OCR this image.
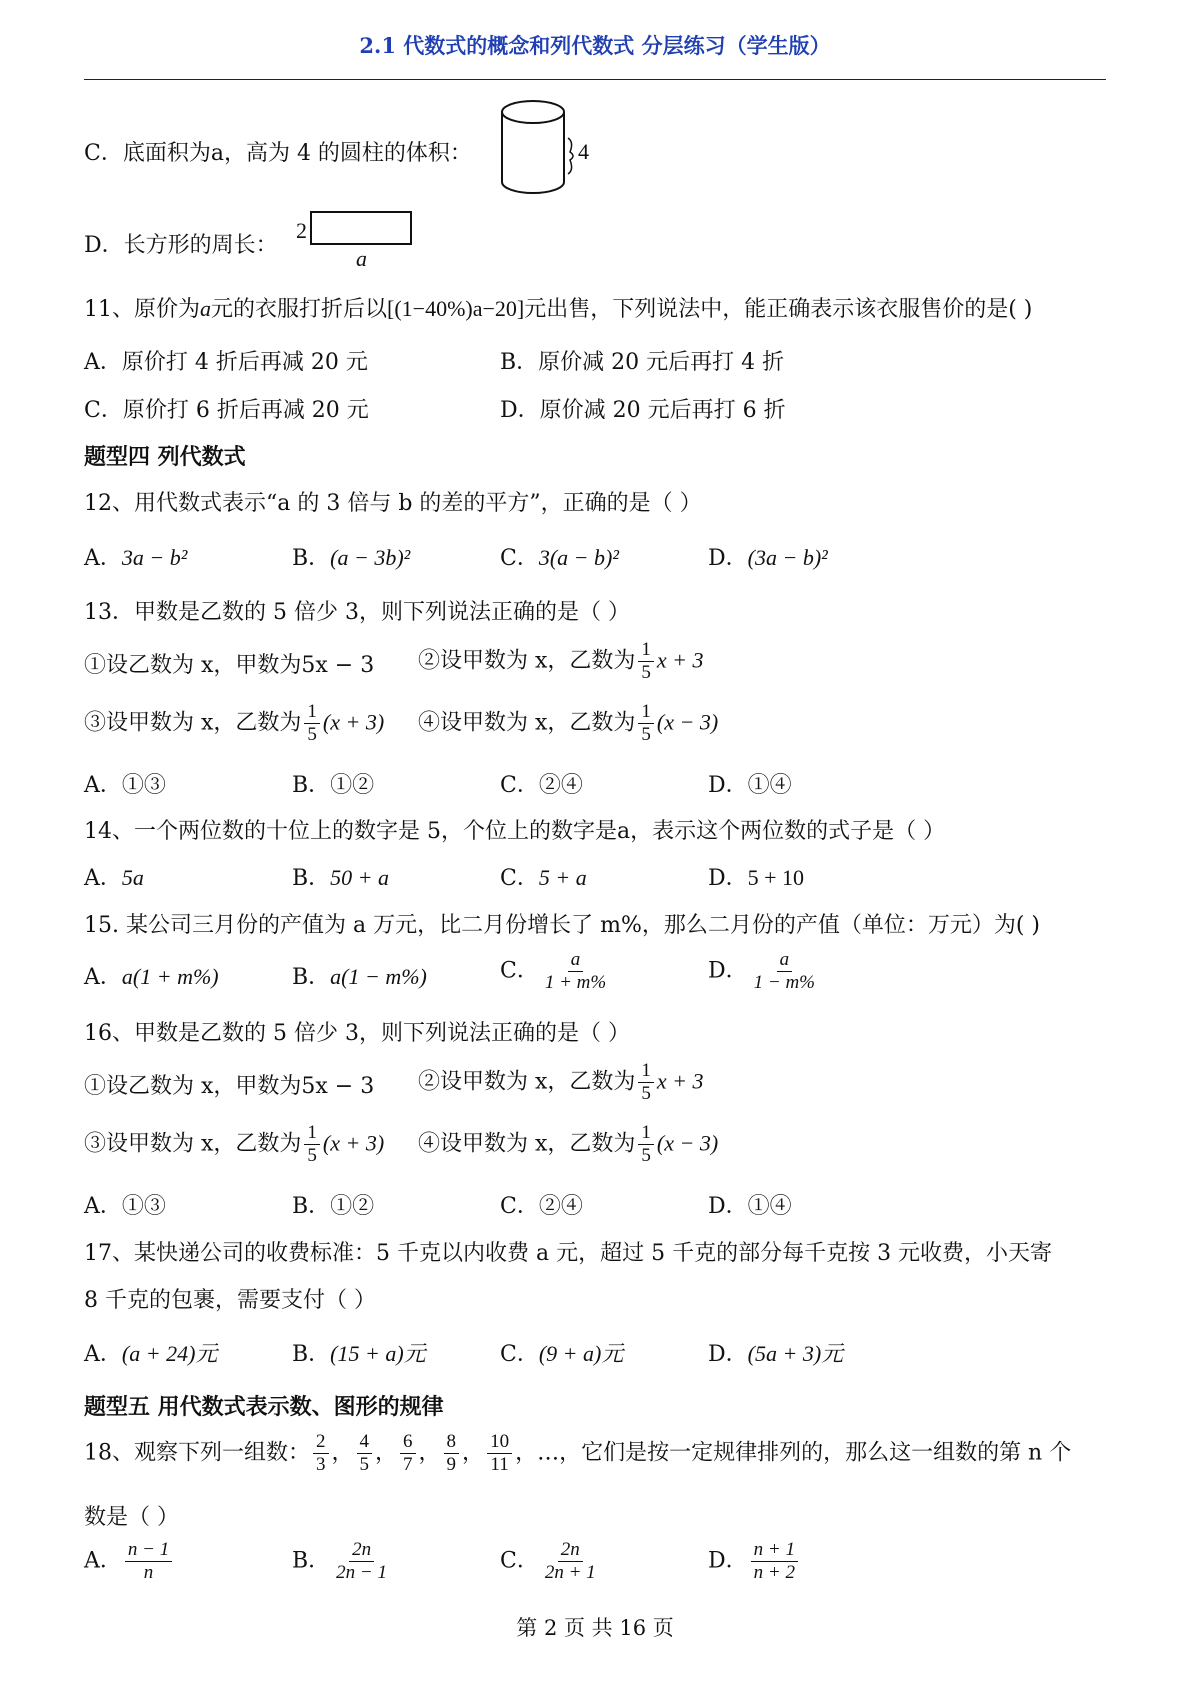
2.1 代数式的概念和列代数式 分层练习（学生版）
C．底面积为a，高为 4 的圆柱的体积：	4
D．长方形的周长：
2
a
11、原价为a元的衣服打折后以[(1−40%)a−20]元出售，下列说法中，能正确表示该衣服售价的是( )
A．原价打 4 折后再减 20 元	B．原价减 20 元后再打 4 折
C．原价打 6 折后再减 20 元	D．原价减 20 元后再打 6 折
题型四 列代数式
12、用代数式表示“a 的 3 倍与 b 的差的平方”，正确的是（ ）
A．3a − b²	B．(a − 3b)²	C．3(a − b)²	D．(3a − b)²
13．甲数是乙数的 5 倍少 3，则下列说法正确的是（ ）
①设乙数为 x，甲数为5x − 3 ②设甲数为 x，乙数为 $\frac{1}{5}$ x + 3
③设甲数为 x，乙数为 $\frac{1}{5} (x + 3)$ ④设甲数为 x，乙数为 $\frac{1}{5} (x - 3)$
A．①③	B．①②	C．②④	D．①④
14、一个两位数的十位上的数字是 5，个位上的数字是a，表示这个两位数的式子是（ ）
A．5a	B．50 + a	C．5 + a	D．5 + 10
15. 某公司三月份的产值为 a 万元，比二月份增长了 m%，那么二月份的产值（单位：万元）为( )
A．a(1 + m%)	B．a(1 − m%)	C． $\frac{a}{1 + m\%}$	D． $\frac{a}{1 - m\%}$
16、甲数是乙数的 5 倍少 3，则下列说法正确的是（ ）
①设乙数为 x，甲数为5x − 3 ②设甲数为 x，乙数为 $\frac{1}{5}$ x + 3
③设甲数为 x，乙数为 $\frac{1}{5} (x + 3)$ ④设甲数为 x，乙数为 $\frac{1}{5} (x - 3)$
A．①③	B．①②	C．②④	D．①④
17、某快递公司的收费标准：5 千克以内收费 a 元，超过 5 千克的部分每千克按 3 元收费，小天寄
8 千克的包裹，需要支付（ ）
A．(a + 24)元	B．(15 + a)元	C．(9 + a)元	D．(5a + 3)元
题型五 用代数式表示数、图形的规律
18、观察下列一组数： $\frac{2}{3}$ ， $\frac{4}{5}$ ， $\frac{6}{7}$ ， $\frac{8}{9}$ ， $\frac{10}{11}$ ，…，它们是按一定规律排列的，那么这一组数的第 n 个
数是（ ）
A． $\frac{n - 1}{n}$	B． $\frac{2n}{2n - 1}$	C． $\frac{2n}{2n + 1}$	D． $\frac{n + 1}{n + 2}$
第 2 页 共 16 页
